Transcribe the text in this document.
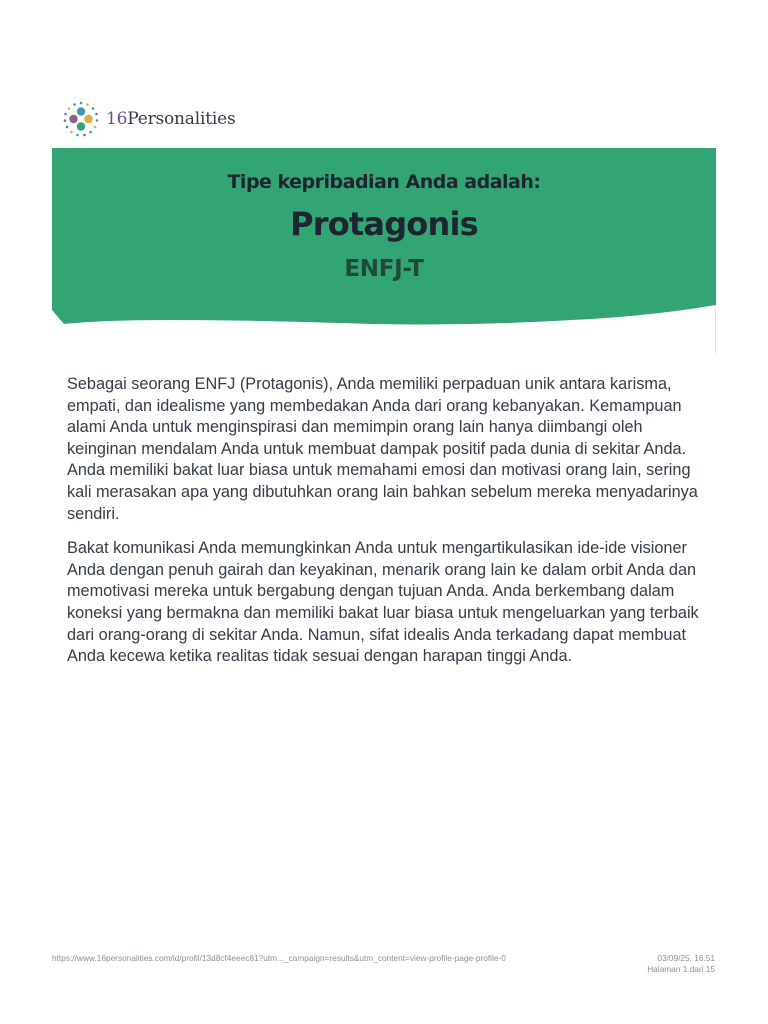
16Personalities
Tipe kepribadian Anda adalah:
Protagonis
ENFJ-T

Sebagai seorang ENFJ (Protagonis), Anda memiliki perpaduan unik antara karisma, empati, dan idealisme yang membedakan Anda dari orang kebanyakan. Kemampuan alami Anda untuk menginspirasi dan memimpin orang lain hanya diimbangi oleh keinginan mendalam Anda untuk membuat dampak positif pada dunia di sekitar Anda. Anda memiliki bakat luar biasa untuk memahami emosi dan motivasi orang lain, sering kali merasakan apa yang dibutuhkan orang lain bahkan sebelum mereka menyadarinya sendiri.

Bakat komunikasi Anda memungkinkan Anda untuk mengartikulasikan ide-ide visioner Anda dengan penuh gairah dan keyakinan, menarik orang lain ke dalam orbit Anda dan memotivasi mereka untuk bergabung dengan tujuan Anda. Anda berkembang dalam koneksi yang bermakna dan memiliki bakat luar biasa untuk mengeluarkan yang terbaik dari orang-orang di sekitar Anda. Namun, sifat idealis Anda terkadang dapat membuat Anda kecewa ketika realitas tidak sesuai dengan harapan tinggi Anda.

https://www.16personalities.com/id/profil/13d8cf4eeec81?utm..._campaign=results&utm_content=view-profile-page-profile-0	03/09/25, 16.51
Halaman 1 dari 15
